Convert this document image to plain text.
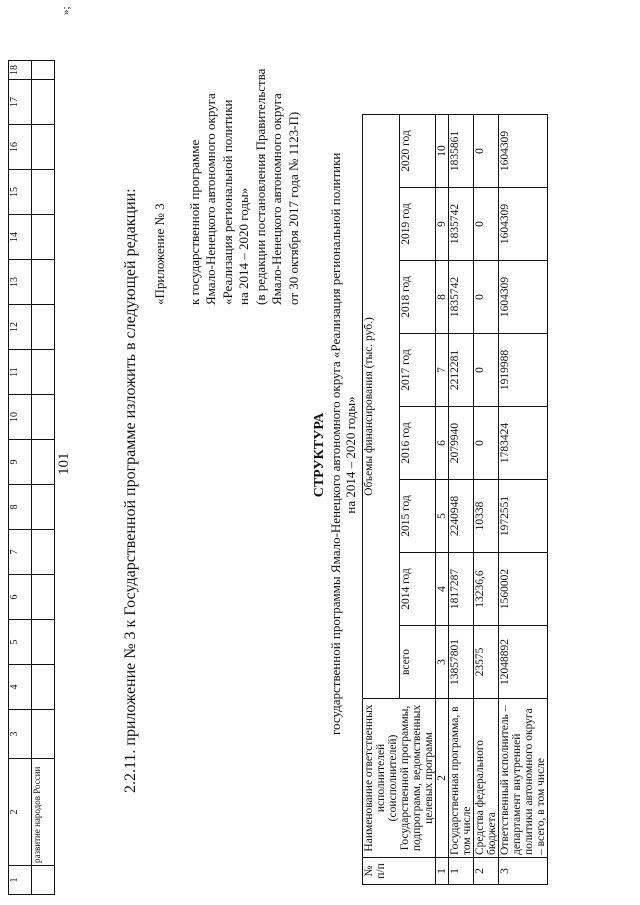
1	2	3	4	5	6	7	8	9	10	11	12	13	14	15	16	17	18
	развитие народов России																
»;
101	2.2.11. приложение № 3 к Государственной программе изложить в следующей редакции: «Приложение № 3 к государственной программе Ямало-Ненецкого автономного округа «Реализация региональной политики на 2014 – 2020 годы» (в редакции постановления Правительства Ямало-Ненецкого автономного округа от 30 октября 2017 года № 1123-П)
СТРУКТУРА государственной программы Ямало-Ненецкого автономного округа «Реализация региональной политики на 2014 – 2020 годы»
№ п/п	Наименование ответственных исполнителей (соисполнителей) Государственной программы, подпрограмм, ведомственных целевых программ	Объемы финансирования (тыс. руб.)							
		всего	2014 год	2015 год	2016 год	2017 год	2018 год	2019 год	2020 год
1	2	3	4	5	6	7	8	9	10
1	Государственная программа, в том числе	13857801	1817287	2240948	2079940	2212281	1835742	1835742	1835861
2	Средства федерального бюджета	23575	13236,6	10338	0	0	0	0	0
3	Ответственный исполнитель – департамент внутренней политики автономного округа – всего, в том числе	12048892	1560002	1972551	1783424	1919988	1604309	1604309	1604309
